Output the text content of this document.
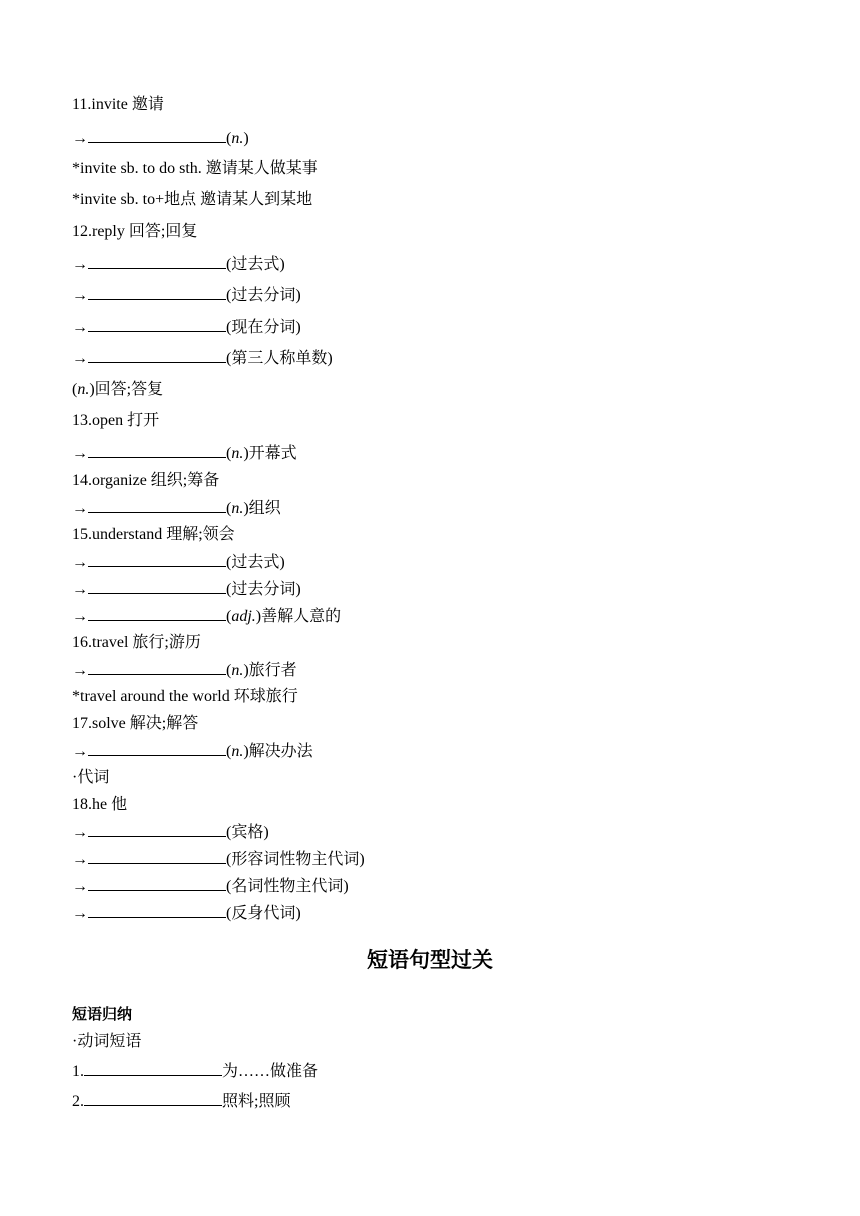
11.invite 邀请
→	(n.)
*invite sb. to do sth. 邀请某人做某事
*invite sb. to+地点 邀请某人到某地
12.reply 回答;回复
→	(过去式)
→	(过去分词)
→	(现在分词)
→	(第三人称单数)
(n.)回答;答复
13.open 打开
→	(n.)开幕式
14.organize 组织;筹备
→	(n.)组织
15.understand 理解;领会
→	(过去式)
→	(过去分词)
→	(adj.)善解人意的
16.travel 旅行;游历
→	(n.)旅行者
*travel around the world 环球旅行
17.solve 解决;解答
→	(n.)解决办法
·代词
18.he 他
→	(宾格)
→	(形容词性物主代词)
→	(名词性物主代词)
→	(反身代词)
短语句型过关
短语归纳
·动词短语
1.	为……做准备
2.	照料;照顾
